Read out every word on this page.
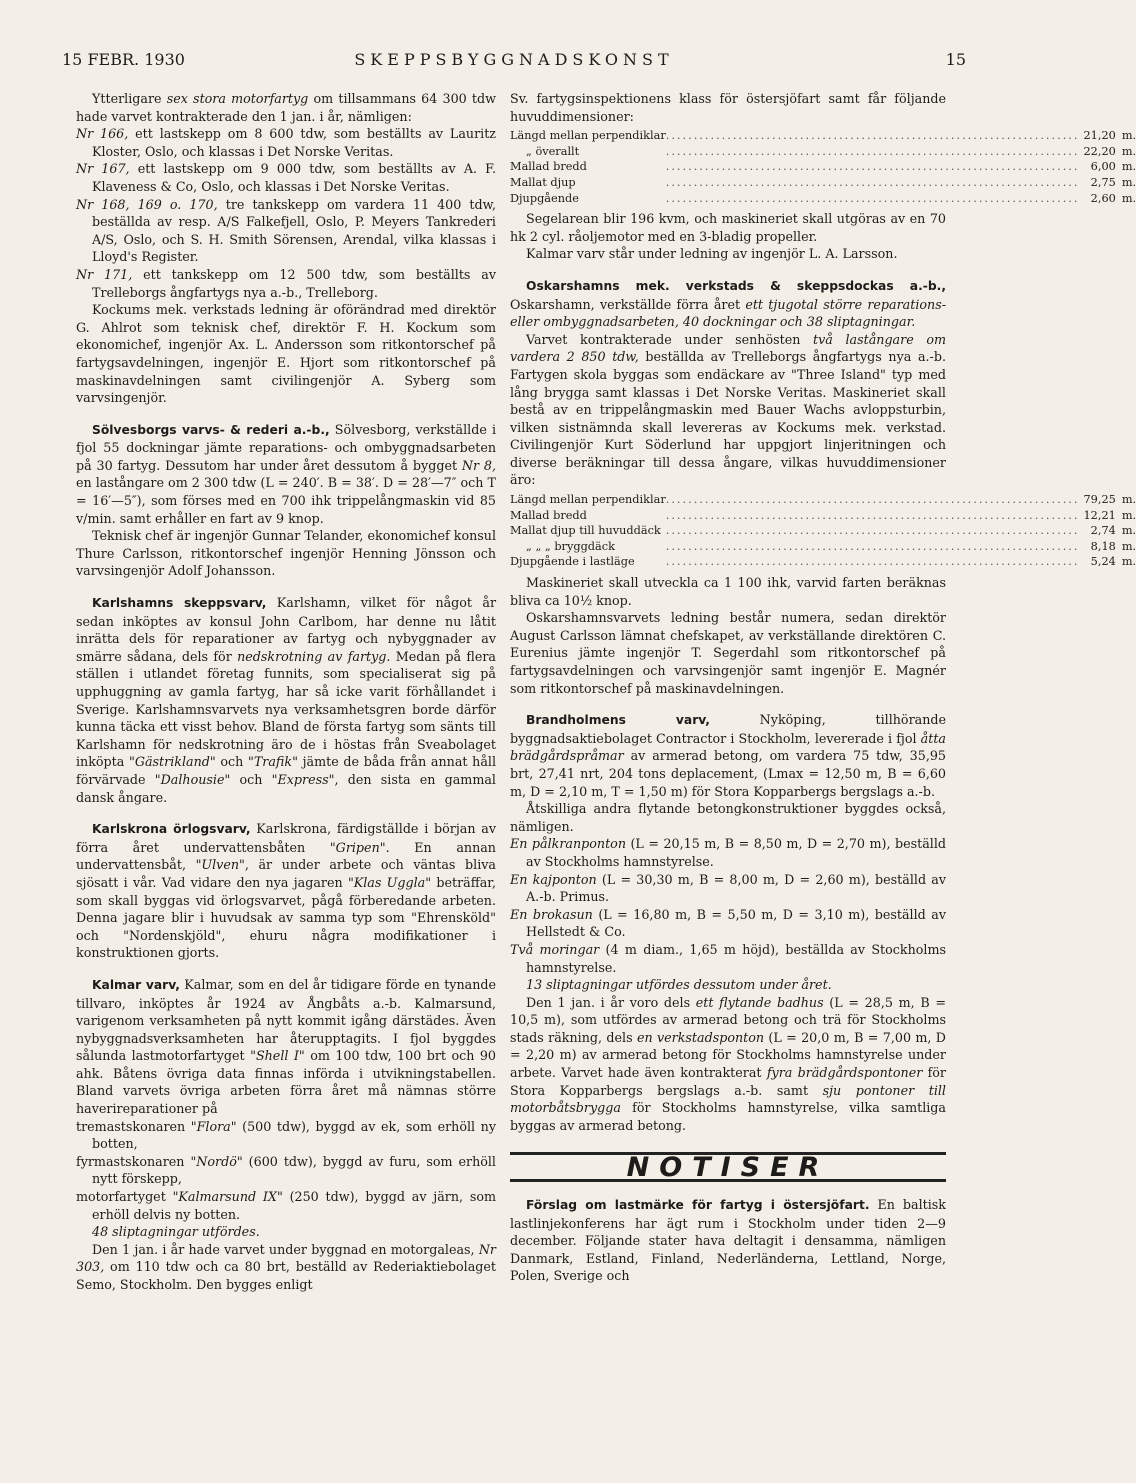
15 FEBR. 1930	SKEPPSBYGGNADSKONST	15

Ytterligare sex stora motorfartyg om tillsammans 64 300 tdw hade varvet kontrakterade den 1 jan. i år, nämligen:

Nr 166, ett lastskepp om 8 600 tdw, som beställts av Lauritz Kloster, Oslo, och klassas i Det Norske Veritas.

Nr 167, ett lastskepp om 9 000 tdw, som beställts av A. F. Klaveness & Co, Oslo, och klassas i Det Norske Veritas.

Nr 168, 169 o. 170, tre tankskepp om vardera 11 400 tdw, beställda av resp. A/S Falkefjell, Oslo, P. Meyers Tankrederi A/S, Oslo, och S. H. Smith Sörensen, Arendal, vilka klassas i Lloyd's Register.

Nr 171, ett tankskepp om 12 500 tdw, som beställts av Trelleborgs ångfartygs nya a.-b., Trelleborg.

Kockums mek. verkstads ledning är oförändrad med direktör G. Ahlrot som teknisk chef, direktör F. H. Kockum som ekonomichef, ingenjör Ax. L. Andersson som ritkontorschef på fartygsavdelningen, ingenjör E. Hjort som ritkontorschef på maskinavdelningen samt civilingenjör A. Syberg som varvsingenjör.

Sölvesborgs varvs- & rederi a.-b., Sölvesborg, verkställde i fjol 55 dockningar jämte reparations- och ombyggnadsarbeten på 30 fartyg. Dessutom har under året dessutom å bygget Nr 8, en lastångare om 2 300 tdw (L = 240′. B = 38′. D = 28′—7″ och T = 16′—5″), som förses med en 700 ihk trippelångmaskin vid 85 v/min. samt erhåller en fart av 9 knop.

Teknisk chef är ingenjör Gunnar Telander, ekonomichef konsul Thure Carlsson, ritkontorschef ingenjör Henning Jönsson och varvsingenjör Adolf Johansson.

Karlshamns skeppsvarv, Karlshamn, vilket för något år sedan inköptes av konsul John Carlbom, har denne nu låtit inrätta dels för reparationer av fartyg och nybyggnader av smärre sådana, dels för nedskrotning av fartyg. Medan på flera ställen i utlandet företag funnits, som specialiserat sig på upphuggning av gamla fartyg, har så icke varit förhållandet i Sverige. Karlshamnsvarvets nya verksamhetsgren borde därför kunna täcka ett visst behov. Bland de första fartyg som sänts till Karlshamn för nedskrotning äro de i höstas från Sveabolaget inköpta "Gästrikland" och "Trafik" jämte de båda från annat håll förvärvade "Dalhousie" och "Express", den sista en gammal dansk ångare.

Karlskrona örlogsvarv, Karlskrona, färdigställde i början av förra året undervattensbåten "Gripen". En annan undervattensbåt, "Ulven", är under arbete och väntas bliva sjösatt i vår. Vad vidare den nya jagaren "Klas Uggla" beträffar, som skall byggas vid örlogsvarvet, pågå förberedande arbeten. Denna jagare blir i huvudsak av samma typ som "Ehrensköld" och "Nordenskjöld", ehuru några modifikationer i konstruktionen gjorts.

Kalmar varv, Kalmar, som en del år tidigare förde en tynande tillvaro, inköptes år 1924 av Ångbåts a.-b. Kalmarsund, varigenom verksamheten på nytt kommit igång därstädes. Även nybyggnadsverksamheten har återupptagits. I fjol byggdes sålunda lastmotorfartyget "Shell I" om 100 tdw, 100 brt och 90 ahk. Båtens övriga data finnas införda i utvikningstabellen. Bland varvets övriga arbeten förra året må nämnas större haverireparationer på

tremastskonaren "Flora" (500 tdw), byggd av ek, som erhöll ny botten,

fyrmastskonaren "Nordö" (600 tdw), byggd av furu, som erhöll nytt förskepp,

motorfartyget "Kalmarsund IX" (250 tdw), byggd av järn, som erhöll delvis ny botten.

48 sliptagningar utfördes.

Den 1 jan. i år hade varvet under byggnad en motorgaleas, Nr 303, om 110 tdw och ca 80 brt, beställd av Rederiaktiebolaget Semo, Stockholm. Den bygges enligt

Sv. fartygsinspektionens klass för östersjöfart samt får följande huvuddimensioner:

Längd mellan perpendiklar	..........................................................................	21,20	m.
„ överallt	..........................................................................	22,20	m.
Mallad bredd	..........................................................................	6,00	m.
Mallat djup	..........................................................................	2,75	m.
Djupgående	..........................................................................	2,60	m.

Segelarean blir 196 kvm, och maskineriet skall utgöras av en 70 hk 2 cyl. råoljemotor med en 3-bladig propeller.

Kalmar varv står under ledning av ingenjör L. A. Larsson.

Oskarshamns mek. verkstads & skeppsdockas a.-b., Oskarshamn, verkställde förra året ett tjugotal större reparations- eller ombyggnadsarbeten, 40 dockningar och 38 sliptagningar.

Varvet kontrakterade under senhösten två lastångare om vardera 2 850 tdw, beställda av Trelleborgs ångfartygs nya a.-b. Fartygen skola byggas som endäckare av "Three Island" typ med lång brygga samt klassas i Det Norske Veritas. Maskineriet skall bestå av en trippelångmaskin med Bauer Wachs avloppsturbin, vilken sistnämnda skall levereras av Kockums mek. verkstad. Civilingenjör Kurt Söderlund har uppgjort linjeritningen och diverse beräkningar till dessa ångare, vilkas huvuddimensioner äro:

Längd mellan perpendiklar	..........................................................................	79,25	m.
Mallad bredd	..........................................................................	12,21	m.
Mallat djup till huvuddäck	..........................................................................	2,74	m.
„ „ „ bryggdäck	..........................................................................	8,18	m.
Djupgående i lastläge	..........................................................................	5,24	m.

Maskineriet skall utveckla ca 1 100 ihk, varvid farten beräknas bliva ca 10½ knop.

Oskarshamnsvarvets ledning består numera, sedan direktör August Carlsson lämnat chefskapet, av verkställande direktören C. Eurenius jämte ingenjör T. Segerdahl som ritkontorschef på fartygsavdelningen och varvsingenjör samt ingenjör E. Magnér som ritkontorschef på maskinavdelningen.

Brandholmens varv, Nyköping, tillhörande byggnadsaktiebolaget Contractor i Stockholm, levererade i fjol åtta brädgårdspråmar av armerad betong, om vardera 75 tdw, 35,95 brt, 27,41 nrt, 204 tons deplacement, (Lmax = 12,50 m, B = 6,60 m, D = 2,10 m, T = 1,50 m) för Stora Kopparbergs bergslags a.-b.

Åtskilliga andra flytande betongkonstruktioner byggdes också, nämligen.

En pålkranponton (L = 20,15 m, B = 8,50 m, D = 2,70 m), beställd av Stockholms hamnstyrelse.

En kajponton (L = 30,30 m, B = 8,00 m, D = 2,60 m), beställd av A.-b. Primus.

En brokasun (L = 16,80 m, B = 5,50 m, D = 3,10 m), beställd av Hellstedt & Co.

Två moringar (4 m diam., 1,65 m höjd), beställda av Stockholms hamnstyrelse.

13 sliptagningar utfördes dessutom under året.

Den 1 jan. i år voro dels ett flytande badhus (L = 28,5 m, B = 10,5 m), som utfördes av armerad betong och trä för Stockholms stads räkning, dels en verkstadsponton (L = 20,0 m, B = 7,00 m, D = 2,20 m) av armerad betong för Stockholms hamnstyrelse under arbete. Varvet hade även kontrakterat fyra brädgårdspontoner för Stora Kopparbergs bergslags a.-b. samt sju pontoner till motorbåtsbrygga för Stockholms hamnstyrelse, vilka samtliga byggas av armerad betong.

NOTISER

Förslag om lastmärke för fartyg i östersjöfart. En baltisk lastlinjekonferens har ägt rum i Stockholm under tiden 2—9 december. Följande stater hava deltagit i densamma, nämligen Danmark, Estland, Finland, Nederländerna, Lettland, Norge, Polen, Sverige och
